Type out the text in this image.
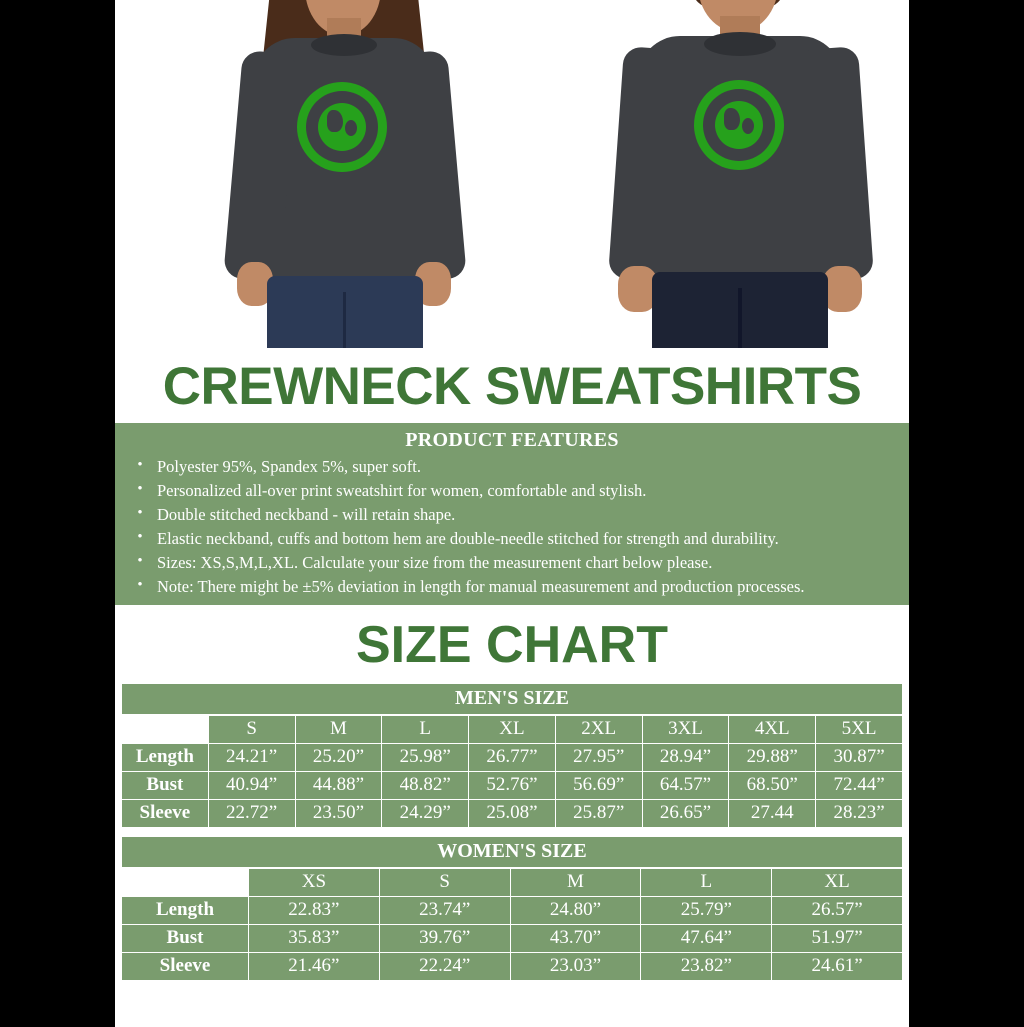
L
O
V E T H E
W
O
R
L
D
L
O
V E T H E
W
O
R
L
D
CREWNECK SWEATSHIRTS
PRODUCT FEATURES
• Polyester 95%, Spandex 5%, super soft.
• Personalized all-over print sweatshirt for women, comfortable and stylish.
• Double stitched neckband - will retain shape.
• Elastic neckband, cuffs and bottom hem are double-needle stitched for strength and durability.
• Sizes: XS,S,M,L,XL. Calculate your size from the measurement chart below please.
• Note: There might be ±5% deviation in length for manual measurement and production processes.
SIZE CHART
MEN'S SIZE
	S	M	L	XL	2XL	3XL	4XL	5XL
Length	24.21”	25.20”	25.98”	26.77”	27.95”	28.94”	29.88”	30.87”
Bust	40.94”	44.88”	48.82”	52.76”	56.69”	64.57”	68.50”	72.44”
Sleeve	22.72”	23.50”	24.29”	25.08”	25.87”	26.65”	27.44	28.23”
WOMEN'S SIZE
	XS	S	M	L	XL
Length	22.83”	23.74”	24.80”	25.79”	26.57”
Bust	35.83”	39.76”	43.70”	47.64”	51.97”
Sleeve	21.46”	22.24”	23.03”	23.82”	24.61”
